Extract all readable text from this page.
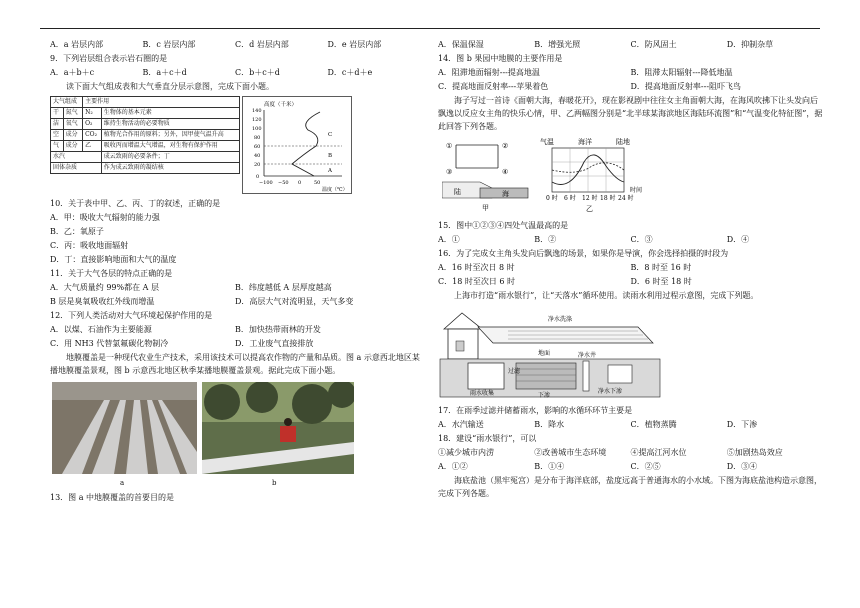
A．a 岩层内部	B．c 岩层内部	C．d 岩层内部	D．e 岩层内部
9．下列岩层组合表示岩石圈的是
A．a＋b＋c	B．a＋c＋d	C．b＋c＋d	D．c＋d＋e
读下面大气组成表和大气垂直分层示意图，完成下面小题。
大气组成		主要作用	
干	氮气	N₂	生物体的基本元素
洁	氧气	O₂	维持生物活动的必要物质
空	成分	CO₂	植物光合作用的原料；另外，因甲使气温升高
气	成分	乙	吸收丙而增温大气增温，对生物有保护作用
水汽			成云致雨的必要条件；丁
固体杂质			作为成云致雨的凝结核
高度（千米）
140
120
100
80
60
40
20
0
−100 −50 0	50
温度（℃）
C
B
A
10．关于表中甲、乙、丙、丁的叙述，正确的是
A．甲：吸收大气辐射的能力强
B．乙：氧原子
C．丙：吸收地面辐射
D．丁：直接影响地面和大气的温度
11．关于大气各层的特点正确的是
A．大气质量约 99%都在 A 层	B．纬度越低 A 层厚度越高
B 层是臭氧吸收红外线而增温	D．高层大气对流明显，天气多变
12．下列人类活动对大气环境起保护作用的是
A．以煤、石油作为主要能源	B．加快热带雨林的开发
C．用 NH3 代替氯氟碳化物制冷	D．工业废气直接排放
地膜覆盖是一种现代农业生产技术，采用该技术可以提高农作物的产量和品质。图 a 示意西北地区某播地膜覆盖景观，图 b 示意西北地区秋季某播地膜覆盖景观。据此完成下面小题。
a	b
13．图 a 中地膜覆盖的首要目的是
A．保温保湿	B．增强光照	C．防风固土	D．抑制杂草
14．图 b 果园中地膜的主要作用是
A．阻滞地面辐射---提高地温	B．阻滞太阳辐射---降低地温
C．提高地面反射率---苹果着色	D．提高地面反射率---阻吓飞鸟
海子写过一首诗《面朝大海，春暖花开》，现在影视剧中往往女主角面朝大海，在海风吹拂下让头发向后飘逸以反应女主角的快乐心情，甲、乙两幅图分别是“北半球某海滨地区海陆环流图”和“气温变化特征图”，据此回答下列各题。
①	②
③	④
陆	海
甲
气温	海洋	陆地
0 时 6 时 12 时 18 时 24 时
时间
乙
15．图中①②③④四处气温最高的是
A．①	B．②	C．③	D．④
16．为了完成女主角头发向后飘逸的场景，如果你是导演，你会选择拍摄的时段为
A．16 时至次日 8 时	B．8 时至 16 时
C．18 时至次日 6 时	D．6 时至 18 时
上海市打造“雨水银行”，让“天落水”循环使用。读雨水利用过程示意图，完成下列题。
净水洗涤
雨水收集
过滤
净水井
净水下渗
地面
下渗
17．在雨季过滤并储蓄雨水，影响的水循环环节主要是
A．水汽输送	B．降水	C．植物蒸腾	D．下渗
18．建设“雨水银行”，可以
①减少城市内涝	②改善城市生态环境	④提高江河水位	⑤加剧热岛效应
A．①②	B．①④	C．②⑤	D．③④
海底盐池（黑牢冤宫）是分布于海洋底部，盐度远高于普通海水的小水域。下图为海底盐池构造示意图，完成下列各题。
